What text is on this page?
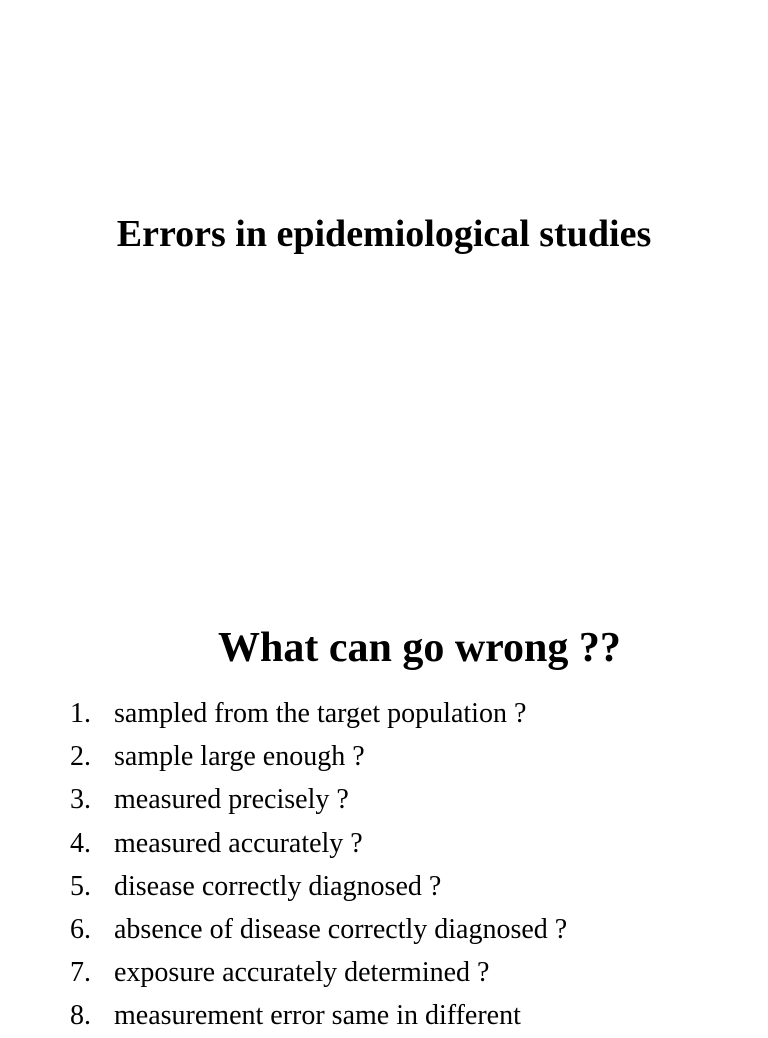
Errors in epidemiological studies
What can go wrong ??
1. sampled from the target population ?
2. sample large enough ?
3. measured precisely ?
4. measured accurately ?
5. disease correctly diagnosed ?
6. absence of disease correctly diagnosed ?
7. exposure accurately determined ?
8. measurement error same in different
